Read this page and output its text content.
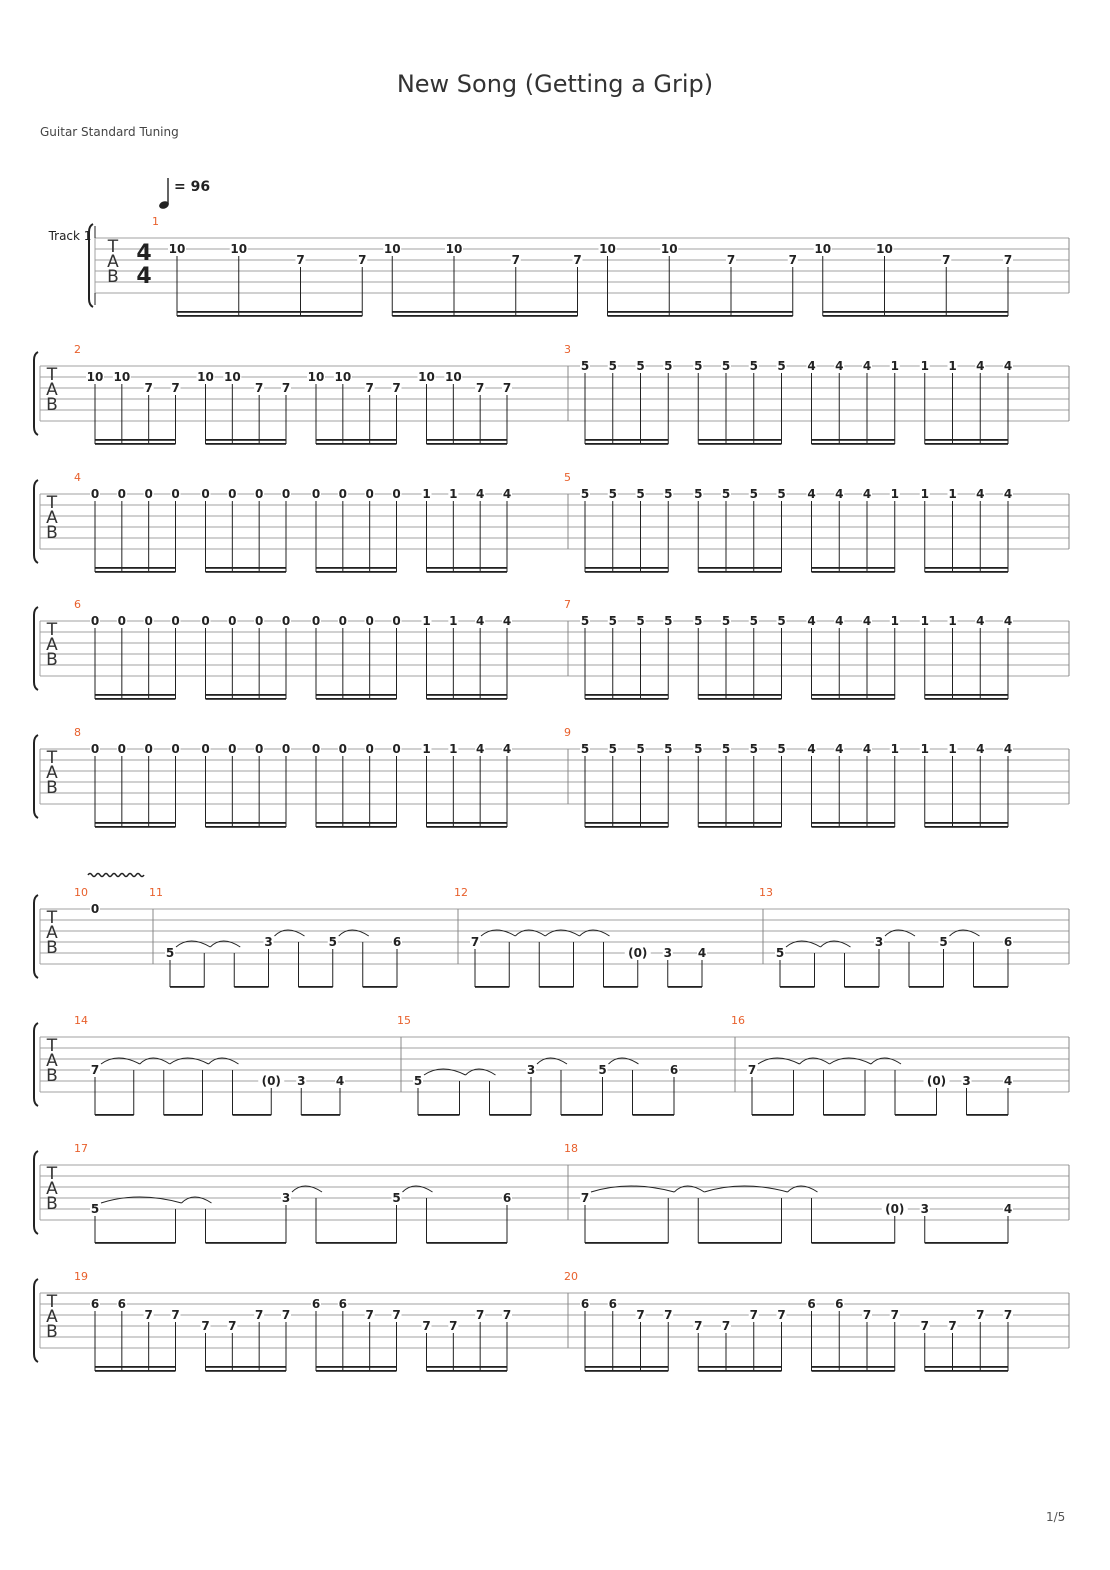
New Song (Getting a Grip)
Guitar Standard Tuning
= 96
Track 1
T
A
B
4
4
1
10	10
7	7
10	10
7	7
10	10
7	7
10	10
7	7
T
A
B
2
10 10
7 7
10 10
7 7
10 10
7 7
10 10
7 7
3
5 5 5 5 5 5 5 5 4 4 4 1 1 1 4 4
T
A
B
4
0 0 0 0 0 0 0 0 0 0 0 0 1 1 4 4
5
5 5 5 5 5 5 5 5 4 4 4 1 1 1 4 4
T
A
B
6
0 0 0 0 0 0 0 0 0 0 0 0 1 1 4 4
7
5 5 5 5 5 5 5 5 4 4 4 1 1 1 4 4
T
A
B
8
0 0 0 0 0 0 0 0 0 0 0 0 1 1 4 4
9
5 5 5 5 5 5 5 5 4 4 4 1 1 1 4 4
T
A
B
10
0
11
5
3	5	6
12
7
(0) 3 4
13
5
3	5	6
T
A
B
14
7
(0) 3	4
15
5
3	5	6
16
7
(0) 3	4
T
A
B
17
5
3	5	6
18
7
(0) 3	4
T
A
B
19
6 6
7 7
7 7
7 7
6 6
7 7
7 7
7 7
20
6 6
7 7
7 7
7 7
6 6
7 7
7 7
7 7
1/5
